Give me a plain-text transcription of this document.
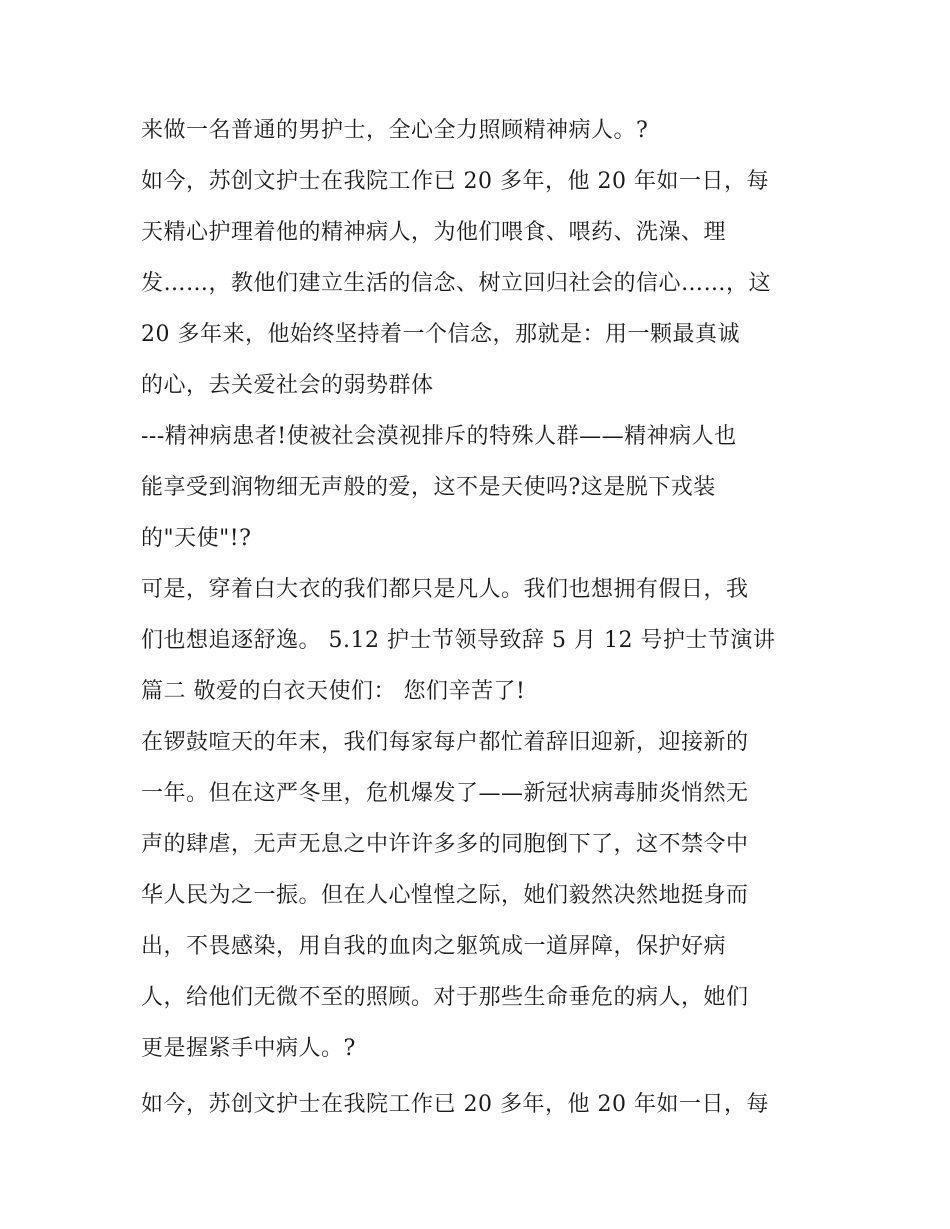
来做一名普通的男护士，全心全力照顾精神病人。?
如今，苏创文护士在我院工作已 20 多年，他 20 年如一日，每
天精心护理着他的精神病人，为他们喂食、喂药、洗澡、理
发……，教他们建立生活的信念、树立回归社会的信心……，这
20 多年来，他始终坚持着一个信念，那就是：用一颗最真诚
的心，去关爱社会的弱势群体
---精神病患者!使被社会漠视排斥的特殊人群——精神病人也
能享受到润物细无声般的爱，这不是天使吗?这是脱下戎装
的"天使"!?
可是，穿着白大衣的我们都只是凡人。我们也想拥有假日，我
们也想追逐舒逸。 5.12 护士节领导致辞 5 月 12 号护士节演讲
篇二 敬爱的白衣天使们： 您们辛苦了!
在锣鼓喧天的年末，我们每家每户都忙着辞旧迎新，迎接新的
一年。但在这严冬里，危机爆发了——新冠状病毒肺炎悄然无
声的肆虐，无声无息之中许许多多的同胞倒下了，这不禁令中
华人民为之一振。但在人心惶惶之际，她们毅然决然地挺身而
出，不畏感染，用自我的血肉之躯筑成一道屏障，保护好病
人，给他们无微不至的照顾。对于那些生命垂危的病人，她们
更是握紧手中病人。?
如今，苏创文护士在我院工作已 20 多年，他 20 年如一日，每
